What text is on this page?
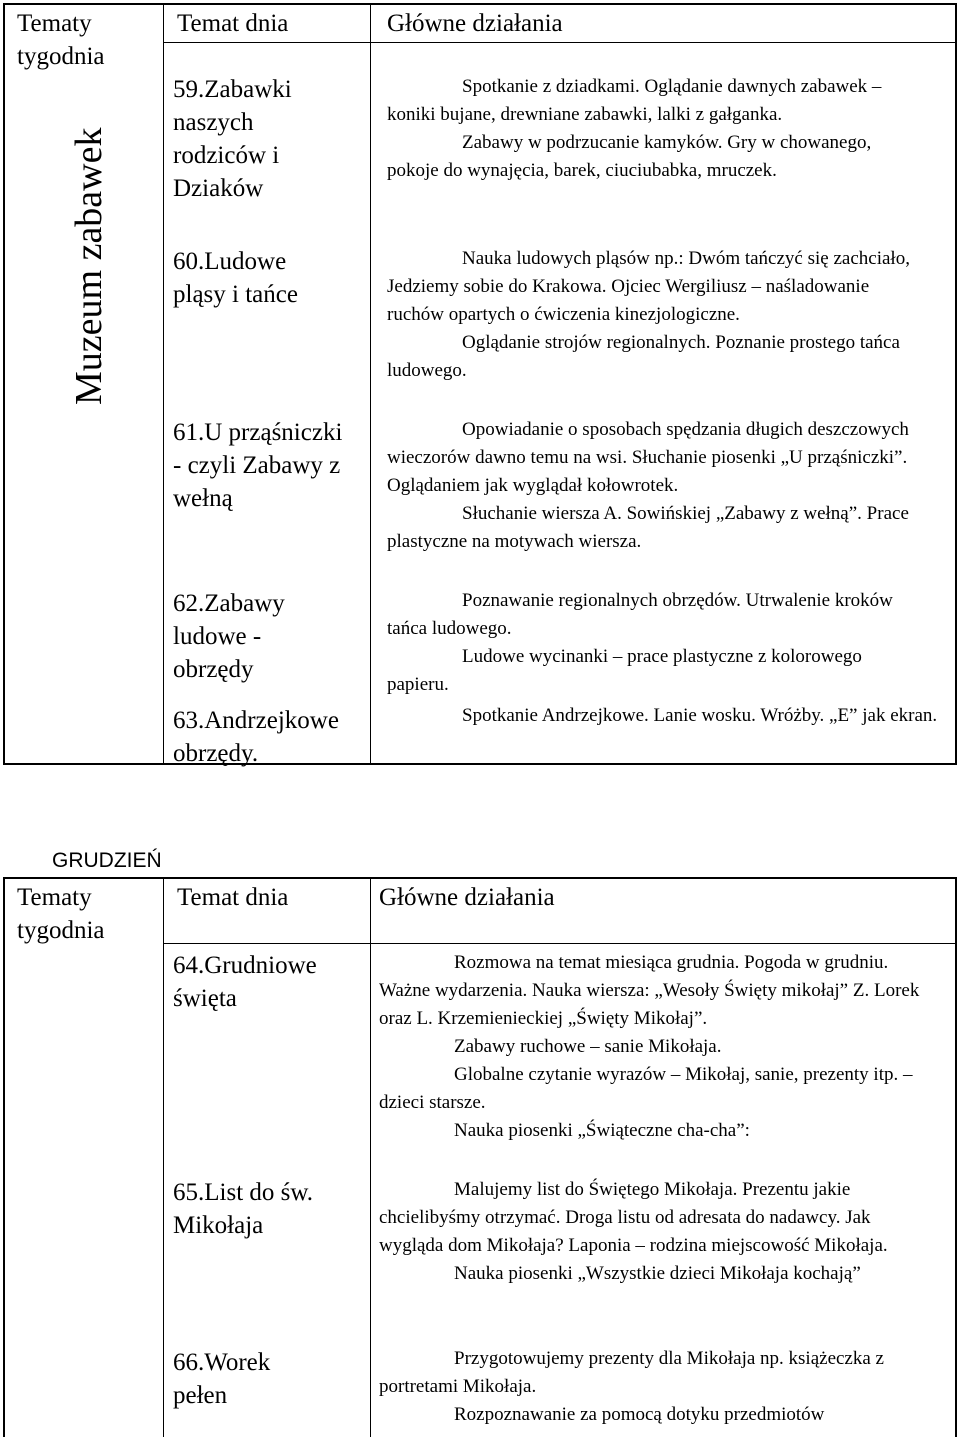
Tematy tygodnia
Temat dnia	Główne działania
Muzeum zabawek
59.Zabawki naszych rodziców i Dziaków
60.Ludowe pląsy i tańce
61.U prząśniczki - czyli Zabawy z wełną
62.Zabawy ludowe - obrzędy
63.Andrzejkowe obrzędy.

Spotkanie z dziadkami. Oglądanie dawnych zabawek – koniki bujane, drewniane zabawki, lalki z gałganka.

Zabawy w podrzucanie kamyków. Gry w chowanego, pokoje do wynajęcia, barek, ciuciubabka, mruczek.

Nauka ludowych pląsów np.: Dwóm tańczyć się zachciało, Jedziemy sobie do Krakowa. Ojciec Wergiliusz – naśladowanie ruchów opartych o ćwiczenia kinezjologiczne.

Oglądanie strojów regionalnych. Poznanie prostego tańca ludowego.

Opowiadanie o sposobach spędzania długich deszczowych wieczorów dawno temu na wsi. Słuchanie piosenki „U prząśniczki”. Oglądaniem jak wyglądał kołowrotek.

Słuchanie wiersza A. Sowińskiej „Zabawy z wełną”. Prace plastyczne na motywach wiersza.

Poznawanie regionalnych obrzędów. Utrwalenie kroków tańca ludowego.

Ludowe wycinanki – prace plastyczne z kolorowego papieru.

Spotkanie Andrzejkowe. Lanie wosku. Wróżby. „E” jak ekran.

GRUDZIEŃ
Tematy tygodnia
Temat dnia	Główne działania
64.Grudniowe święta
65.List do św. Mikołaja
66.Worek pełen

Rozmowa na temat miesiąca grudnia. Pogoda w grudniu. Ważne wydarzenia. Nauka wiersza: „Wesoły Święty mikołaj” Z. Lorek oraz L. Krzemienieckiej „Święty Mikołaj”.

Zabawy ruchowe – sanie Mikołaja.

Globalne czytanie wyrazów – Mikołaj, sanie, prezenty itp. – dzieci starsze.

Nauka piosenki „Świąteczne cha-cha”:

Malujemy list do Świętego Mikołaja. Prezentu jakie chcielibyśmy otrzymać. Droga listu od adresata do nadawcy. Jak wygląda dom Mikołaja? Laponia – rodzina miejscowość Mikołaja.

Nauka piosenki „Wszystkie dzieci Mikołaja kochają”

Przygotowujemy prezenty dla Mikołaja np. książeczka z portretami Mikołaja.

Rozpoznawanie za pomocą dotyku przedmiotów
